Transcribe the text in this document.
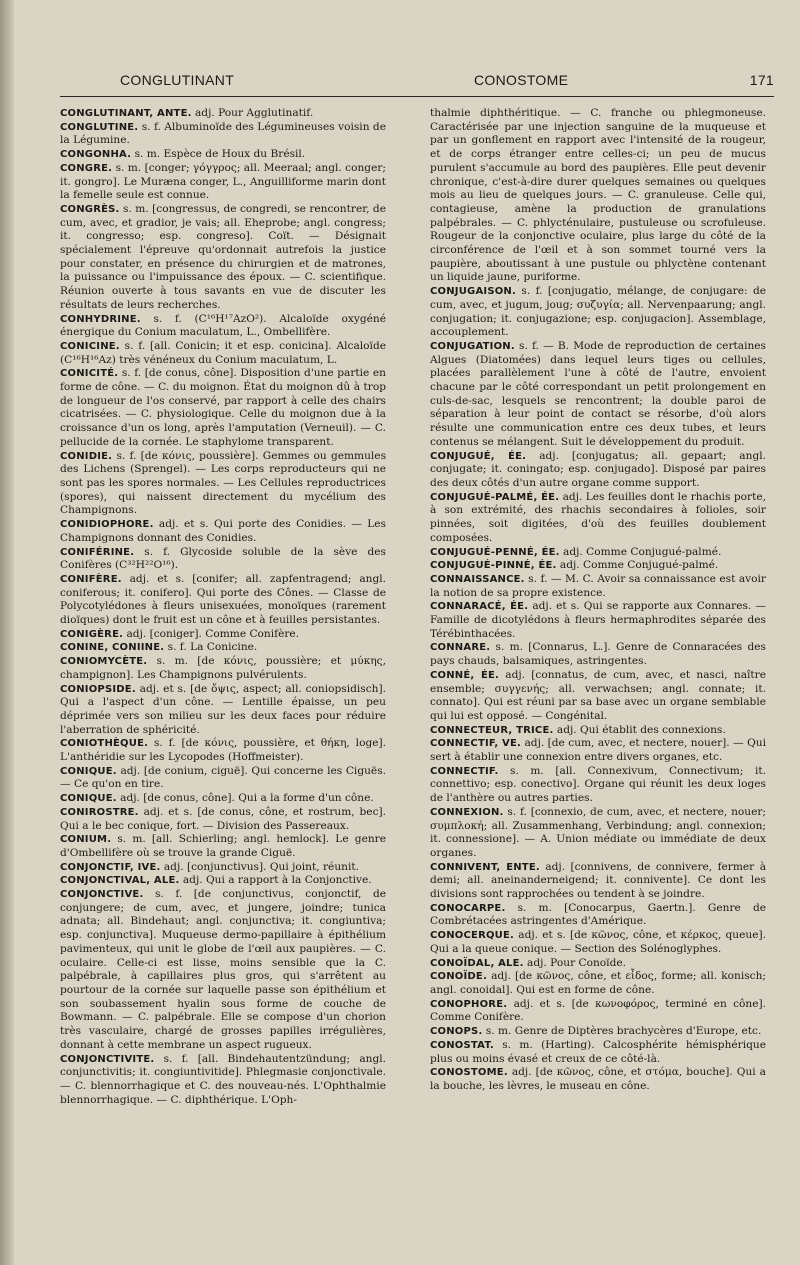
CONGLUTINANT	CONOSTOME	171

CONGLUTINANT, ANTE. adj. Pour Agglutinatif.

CONGLUTINE. s. f. Albuminoïde des Légumineuses voisin de la Légumine.

CONGONHA. s. m. Espèce de Houx du Brésil.

CONGRE. s. m. [conger; γόγγρος; all. Meeraal; angl. conger; it. gongro]. Le Muræna conger, L., Anguilliforme marin dont la femelle seule est connue.

CONGRÈS. s. m. [congressus, de congredi, se rencontrer, de cum, avec, et gradior, je vais; all. Eheprobe; angl. congress; it. congresso; esp. congreso]. Coït. — Désignait spécialement l'épreuve qu'ordonnait autrefois la justice pour constater, en présence du chirurgien et de matrones, la puissance ou l'impuissance des époux. — C. scientifique. Réunion ouverte à tous savants en vue de discuter les résultats de leurs recherches.

CONHYDRINE. s. f. (C¹⁶H¹⁷AzO²). Alcaloïde oxygéné énergique du Conium maculatum, L., Ombellifère.

CONICINE. s. f. [all. Conicin; it et esp. conicina]. Alcaloïde (C¹⁶H¹⁶Az) très vénéneux du Conium maculatum, L.

CONICITÉ. s. f. [de conus, cône]. Disposition d'une partie en forme de cône. — C. du moignon. État du moignon dû à trop de longueur de l'os conservé, par rapport à celle des chairs cicatrisées. — C. physiologique. Celle du moignon due à la croissance d'un os long, après l'amputation (Verneuil). — C. pellucide de la cornée. Le staphylome transparent.

CONIDIE. s. f. [de κόνις, poussière]. Gemmes ou gemmules des Lichens (Sprengel). — Les corps reproducteurs qui ne sont pas les spores normales. — Les Cellules reproductrices (spores), qui naissent directement du mycélium des Champignons.

CONIDIOPHORE. adj. et s. Qui porte des Conidies. — Les Champignons donnant des Conidies.

CONIFÉRINE. s. f. Glycoside soluble de la sève des Conifères (C³²H²²O¹⁶).

CONIFÈRE. adj. et s. [conifer; all. zapfentragend; angl. coniferous; it. conifero]. Qui porte des Cônes. — Classe de Polycotylédones à fleurs unisexuées, monoïques (rarement dioïques) dont le fruit est un cône et à feuilles persistantes.

CONIGÈRE. adj. [coniger]. Comme Conifère.

CONINE, CONIINE. s. f. La Conicine.

CONIOMYCÈTE. s. m. [de κόνις, poussière; et μύκης, champignon]. Les Champignons pulvérulents.

CONIOPSIDE. adj. et s. [de ὄψις, aspect; all. coniopsidisch]. Qui a l'aspect d'un cône. — Lentille épaisse, un peu déprimée vers son milieu sur les deux faces pour réduire l'aberration de sphéricité.

CONIOTHÈQUE. s. f. [de κόνις, poussière, et θήκη, loge]. L'anthéridie sur les Lycopodes (Hoffmeister).

CONIQUE. adj. [de conium, ciguë]. Qui concerne les Ciguës. — Ce qu'on en tire.

CONIQUE. adj. [de conus, cône]. Qui a la forme d'un cône.

CONIROSTRE. adj. et s. [de conus, cône, et rostrum, bec]. Qui a le bec conique, fort. — Division des Passereaux.

CONIUM. s. m. [all. Schierling; angl. hemlock]. Le genre d'Ombellifère où se trouve la grande Ciguë.

CONJONCTIF, IVE. adj. [conjunctivus]. Qui joint, réunit.

CONJONCTIVAL, ALE. adj. Qui a rapport à la Conjonctive.

CONJONCTIVE. s. f. [de conjunctivus, conjonctif, de conjungere; de cum, avec, et jungere, joindre; tunica adnata; all. Bindehaut; angl. conjunctiva; it. congiuntiva; esp. conjunctiva]. Muqueuse dermo-papillaire à épithélium pavimenteux, qui unit le globe de l'œil aux paupières. — C. oculaire. Celle-ci est lisse, moins sensible que la C. palpébrale, à capillaires plus gros, qui s'arrêtent au pourtour de la cornée sur laquelle passe son épithélium et son soubassement hyalin sous forme de couche de Bowmann. — C. palpébrale. Elle se compose d'un chorion très vasculaire, chargé de grosses papilles irrégulières, donnant à cette membrane un aspect rugueux.

CONJONCTIVITE. s. f. [all. Bindehautentzündung; angl. conjunctivitis; it. congiuntivitide]. Phlegmasie conjonctivale. — C. blennorrhagique et C. des nouveau-nés. L'Ophthalmie blennorrhagique. — C. diphthérique. L'Oph-

thalmie diphthéritique. — C. franche ou phlegmoneuse. Caractérisée par une injection sanguine de la muqueuse et par un gonflement en rapport avec l'intensité de la rougeur, et de corps étranger entre celles-ci; un peu de mucus purulent s'accumule au bord des paupières. Elle peut devenir chronique, c'est-à-dire durer quelques semaines ou quelques mois au lieu de quelques jours. — C. granuleuse. Celle qui, contagieuse, amène la production de granulations palpébrales. — C. phlycténulaire, pustuleuse ou scrofuleuse. Rougeur de la conjonctive oculaire, plus large du côté de la circonférence de l'œil et à son sommet tourné vers la paupière, aboutissant à une pustule ou phlyctène contenant un liquide jaune, puriforme.

CONJUGAISON. s. f. [conjugatio, mélange, de conjugare: de cum, avec, et jugum, joug; συζυγία; all. Nervenpaarung; angl. conjugation; it. conjugazione; esp. conjugacion]. Assemblage, accouplement.

CONJUGATION. s. f. — B. Mode de reproduction de certaines Algues (Diatomées) dans lequel leurs tiges ou cellules, placées parallèlement l'une à côté de l'autre, envoient chacune par le côté correspondant un petit prolongement en culs-de-sac, lesquels se rencontrent; la double paroi de séparation à leur point de contact se résorbe, d'où alors résulte une communication entre ces deux tubes, et leurs contenus se mélangent. Suit le développement du produit.

CONJUGUÉ, ÉE. adj. [conjugatus; all. gepaart; angl. conjugate; it. coningato; esp. conjugado]. Disposé par paires des deux côtés d'un autre organe comme support.

CONJUGUÉ-PALMÉ, ÉE. adj. Les feuilles dont le rhachis porte, à son extrémité, des rhachis secondaires à folioles, soir pinnées, soit digitées, d'où des feuilles doublement composées.

CONJUGUÉ-PENNÉ, ÉE. adj. Comme Conjugué-palmé.

CONJUGUÉ-PINNÉ, ÉE. adj. Comme Conjugué-palmé.

CONNAISSANCE. s. f. — M. C. Avoir sa connaissance est avoir la notion de sa propre existence.

CONNARACÉ, ÉE. adj. et s. Qui se rapporte aux Connares. — Famille de dicotylédons à fleurs hermaphrodites séparée des Térébinthacées.

CONNARE. s. m. [Connarus, L.]. Genre de Connaracées des pays chauds, balsamiques, astringentes.

CONNÉ, ÉE. adj. [connatus, de cum, avec, et nasci, naître ensemble; συγγενής; all. verwachsen; angl. connate; it. connato]. Qui est réuni par sa base avec un organe semblable qui lui est opposé. — Congénital.

CONNECTEUR, TRICE. adj. Qui établit des connexions.

CONNECTIF, VE. adj. [de cum, avec, et nectere, nouer]. — Qui sert à établir une connexion entre divers organes, etc.

CONNECTIF. s. m. [all. Connexivum, Connectivum; it. connettivo; esp. conectivo]. Organe qui réunit les deux loges de l'anthère ou autres parties.

CONNEXION. s. f. [connexio, de cum, avec, et nectere, nouer; συμπλοκή; all. Zusammenhang, Verbindung; angl. connexion; it. connessione]. — A. Union médiate ou immédiate de deux organes.

CONNIVENT, ENTE. adj. [connivens, de connivere, fermer à demi; all. aneinanderneigend; it. connivente]. Ce dont les divisions sont rapprochées ou tendent à se joindre.

CONOCARPE. s. m. [Conocarpus, Gaertn.]. Genre de Combrétacées astringentes d'Amérique.

CONOCERQUE. adj. et s. [de κῶνος, cône, et κέρκος, queue]. Qui a la queue conique. — Section des Solénoglyphes.

CONOÏDAL, ALE. adj. Pour Conoïde.

CONOÏDE. adj. [de κῶνος, cône, et εἶδος, forme; all. konisch; angl. conoidal]. Qui est en forme de cône.

CONOPHORE. adj. et s. [de κωνοφόρος, terminé en cône]. Comme Conifère.

CONOPS. s. m. Genre de Diptères brachycères d'Europe, etc.

CONOSTAT. s. m. (Harting). Calcosphérite hémisphérique plus ou moins évasé et creux de ce côté-là.

CONOSTOME. adj. [de κῶνος, cône, et στόμα, bouche]. Qui a la bouche, les lèvres, le museau en cône.
